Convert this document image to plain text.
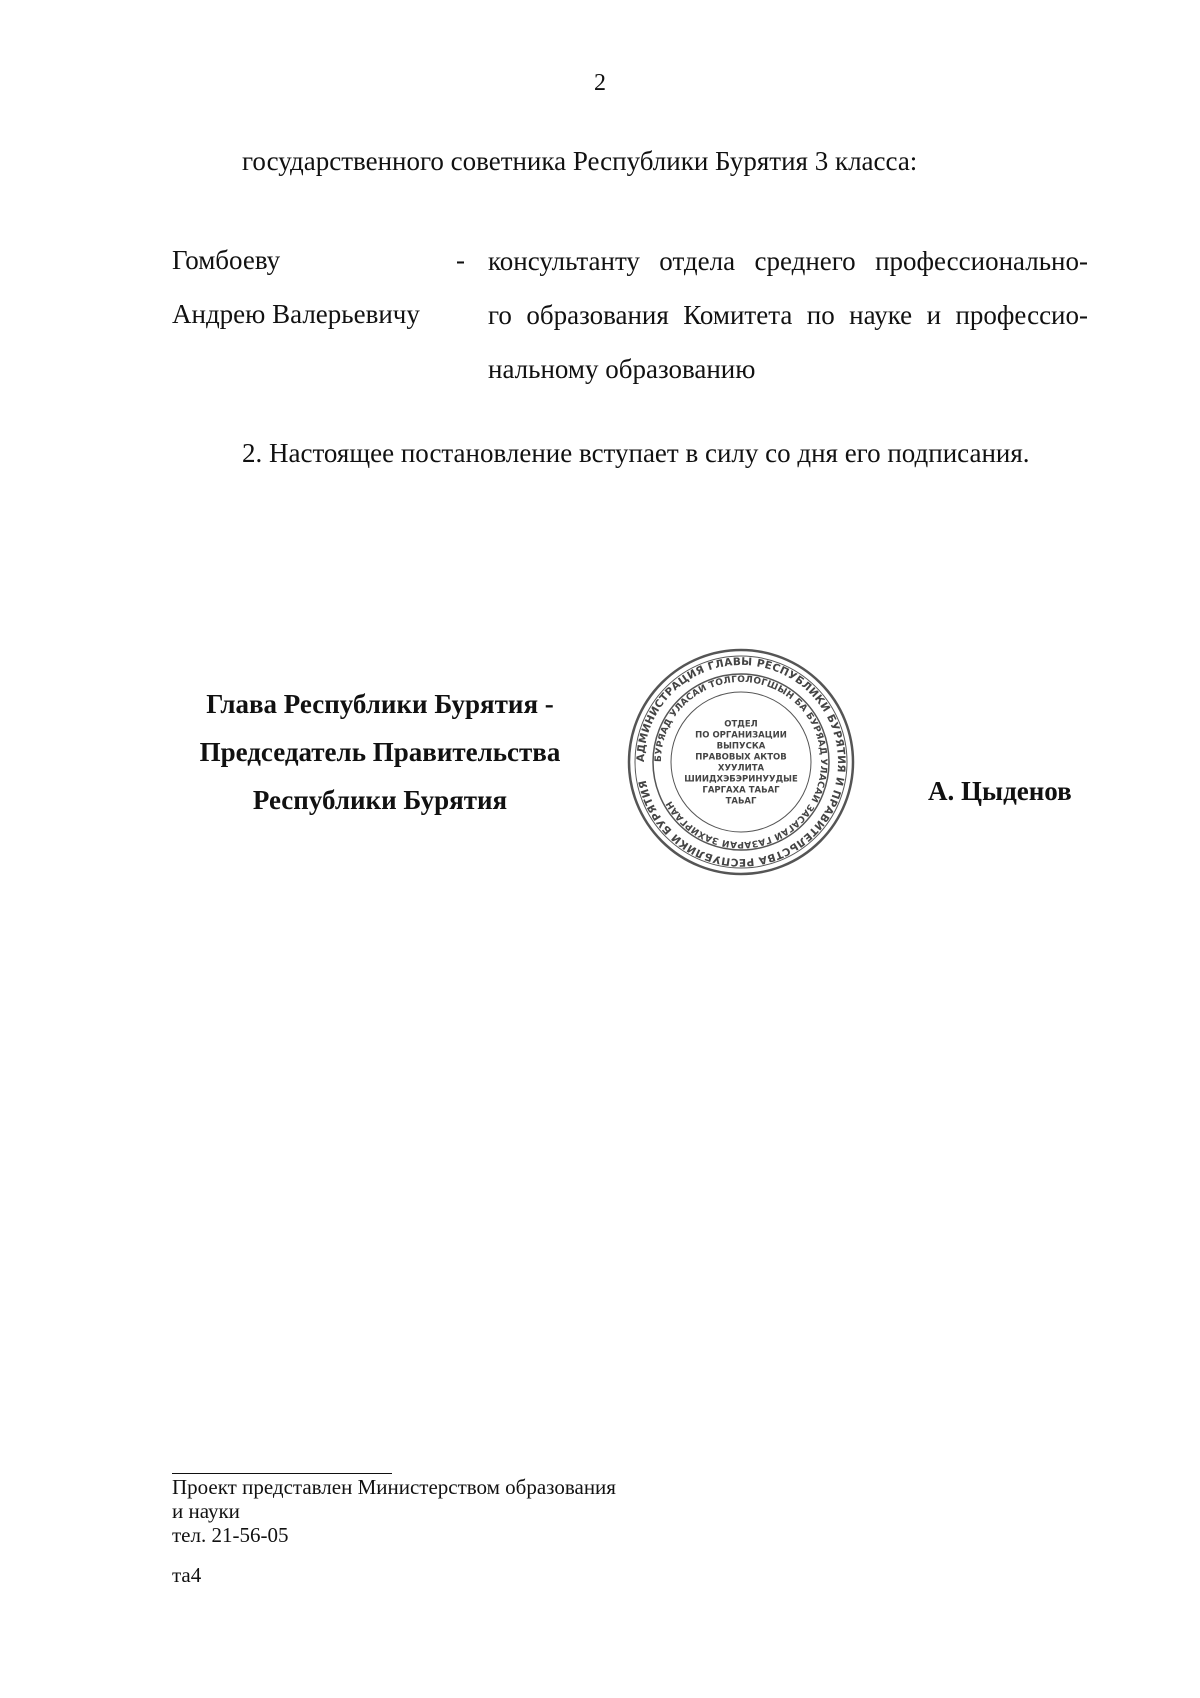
2
государственного советника Республики Бурятия 3 класса:
Гомбоеву
Андрею Валерьевичу
- консультанту отдела среднего профессионально-
го образования Комитета по науке и профессио-
нальному образованию
2. Настоящее постановление вступает в силу со дня его подписания.
Глава Республики Бурятия -
Председатель Правительства
Республики Бурятия
АДМИНИСТРАЦИЯ ГЛАВЫ РЕСПУБЛИКИ БУРЯТИЯ И ПРАВИТЕЛЬСТВА РЕСПУБЛИКИ БУРЯТИЯ
БУРЯАД УЛАСАЙ ТОЛГОЛОГШЫН БА БУРЯАД УЛАСАЙ ЗАСАГАЙ ГАЗАРАЙ ЗАХИРГААН
ОТДЕЛ
ПО ОРГАНИЗАЦИИ
ВЫПУСКА
ПРАВОВЫХ АКТОВ
ХУУЛИТА
ШИИДХЭБЭРИНУУДЫЕ
ГАРГАХА ТАЬАГ
ТАЬАГ	А. Цыденов
Проект представлен Министерством образования
и науки
тел. 21-56-05
та4
